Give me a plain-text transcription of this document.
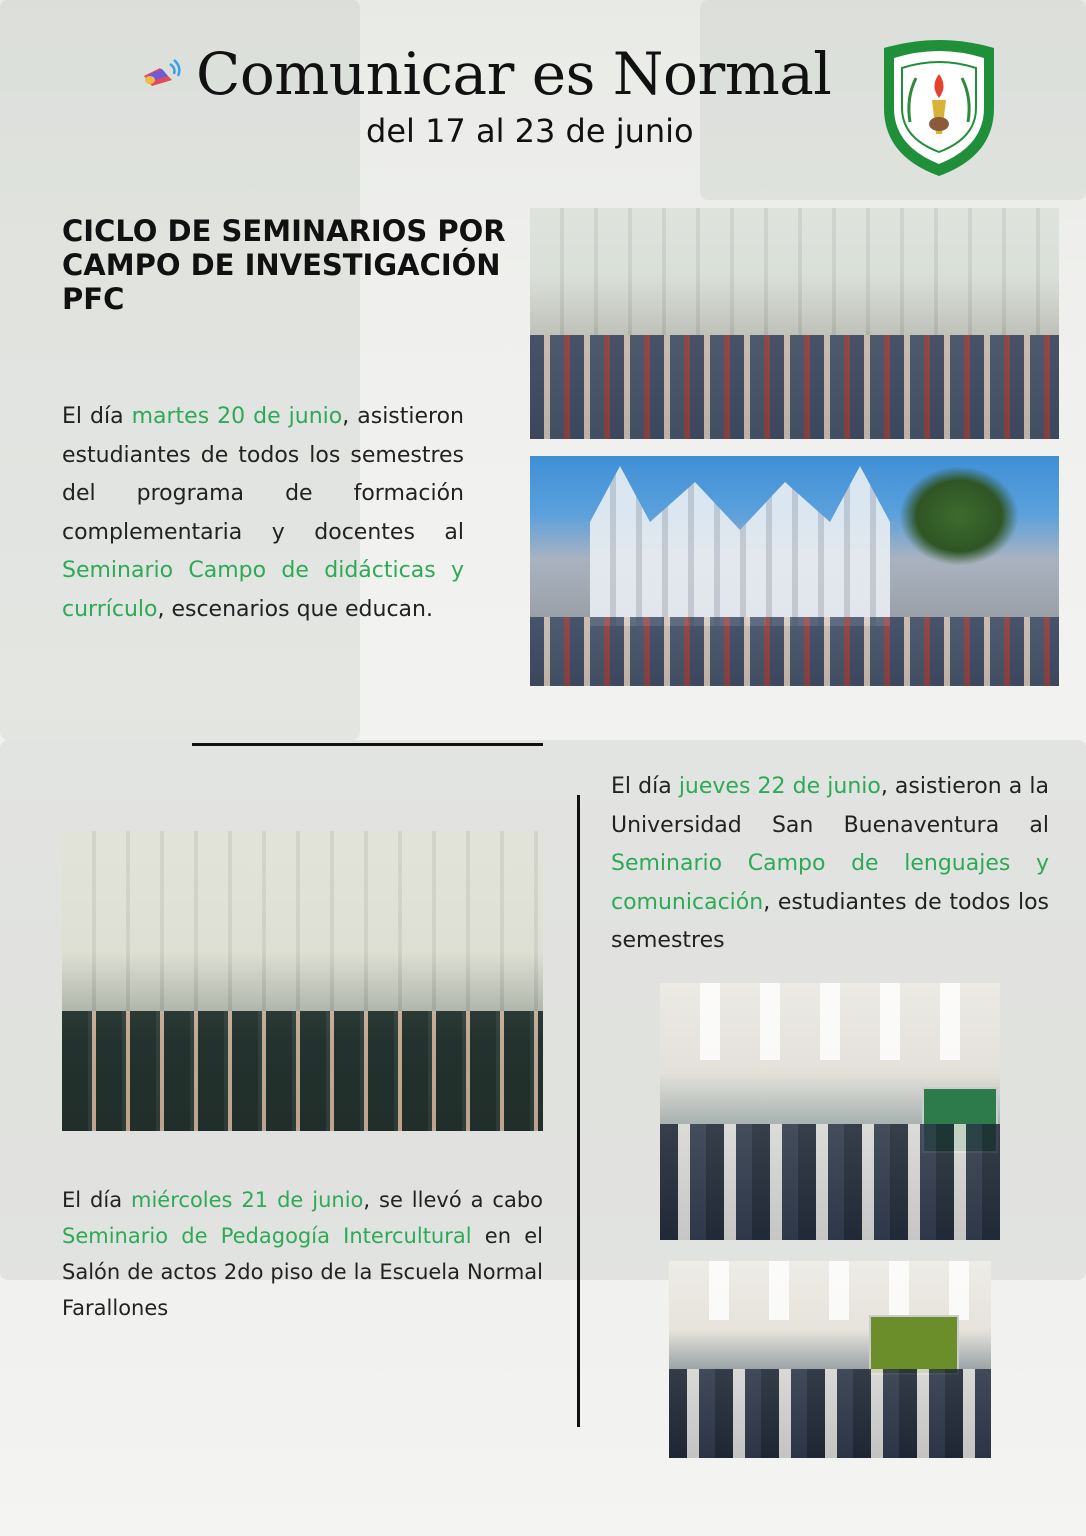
Comunicar es Normal

del 17 al 23 de junio

CICLO DE SEMINARIOS POR CAMPO DE INVESTIGACIÓN PFC

El día martes 20 de junio, asistieron estudiantes de todos los semestres del programa de formación complementaria y docentes al Seminario Campo de didácticas y currículo, escenarios que educan.

El día jueves 22 de junio, asistieron a la Universidad San Buenaventura al Seminario Campo de lenguajes y comunicación, estudiantes de todos los semestres

El día miércoles 21 de junio, se llevó a cabo Seminario de Pedagogía Intercultural en el Salón de actos 2do piso de la Escuela Normal Farallones
